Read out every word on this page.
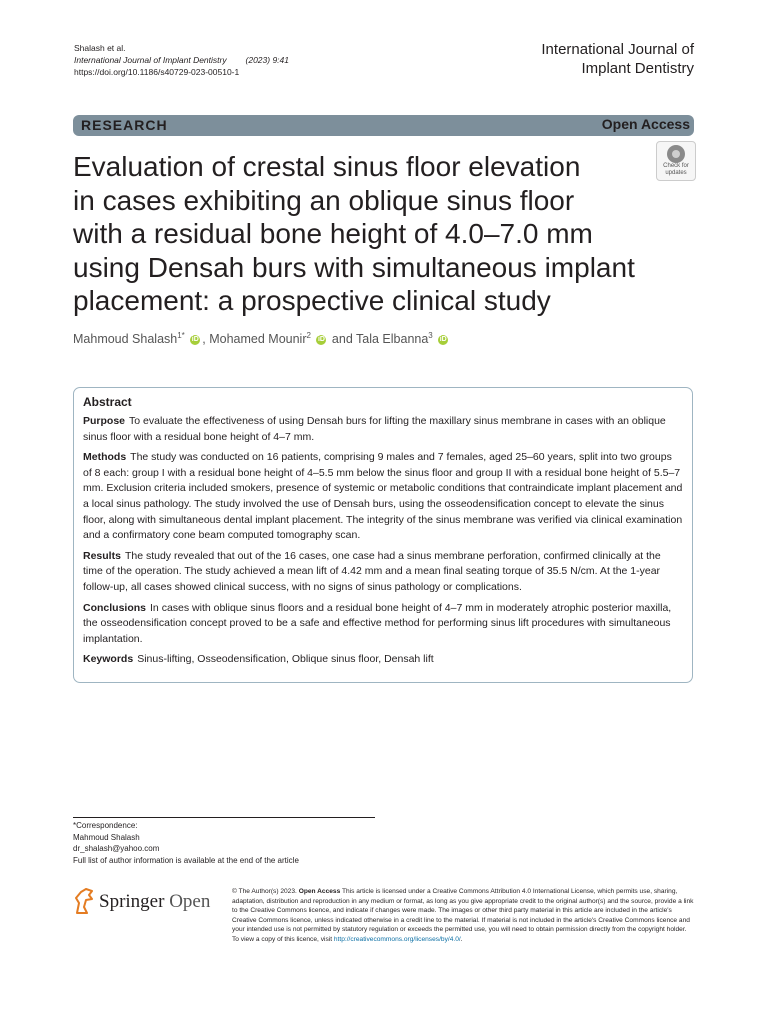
Shalash et al.
International Journal of Implant Dentistry (2023) 9:41
https://doi.org/10.1186/s40729-023-00510-1
International Journal of
Implant Dentistry
RESEARCH	Open Access
Check for
updates
Evaluation of crestal sinus floor elevation
in cases exhibiting an oblique sinus floor
with a residual bone height of 4.0–7.0 mm
using Densah burs with simultaneous implant
placement: a prospective clinical study
Mahmoud Shalash$^{1*}$ iD , Mohamed Mounir$^2$ iD and Tala Elbanna$^3$ iD
Abstract

Purpose To evaluate the effectiveness of using Densah burs for lifting the maxillary sinus membrane in cases with an oblique sinus floor with a residual bone height of 4–7 mm.

Methods The study was conducted on 16 patients, comprising 9 males and 7 females, aged 25–60 years, split into two groups of 8 each: group I with a residual bone height of 4–5.5 mm below the sinus floor and group II with a residual bone height of 5.5–7 mm. Exclusion criteria included smokers, presence of systemic or metabolic conditions that contraindicate implant placement and a local sinus pathology. The study involved the use of Densah burs, using the osseodensification concept to elevate the sinus floor, along with simultaneous dental implant placement. The integrity of the sinus membrane was verified via clinical examination and a confirmatory cone beam computed tomography scan.

Results The study revealed that out of the 16 cases, one case had a sinus membrane perforation, confirmed clinically at the time of the operation. The study achieved a mean lift of 4.42 mm and a mean final seating torque of 35.5 N/cm. At the 1-year follow-up, all cases showed clinical success, with no signs of sinus pathology or complications.

Conclusions In cases with oblique sinus floors and a residual bone height of 4–7 mm in moderately atrophic posterior maxilla, the osseodensification concept proved to be a safe and effective method for performing sinus lift procedures with simultaneous implantation.

Keywords Sinus-lifting, Osseodensification, Oblique sinus floor, Densah lift

*Correspondence:
Mahmoud Shalash
dr_shalash@yahoo.com
Full list of author information is available at the end of the article
Springer Open	© The Author(s) 2023. Open Access This article is licensed under a Creative Commons Attribution 4.0 International License, which permits use, sharing, adaptation, distribution and reproduction in any medium or format, as long as you give appropriate credit to the original author(s) and the source, provide a link to the Creative Commons licence, and indicate if changes were made. The images or other third party material in this article are included in the article's Creative Commons licence, unless indicated otherwise in a credit line to the material. If material is not included in the article's Creative Commons licence and your intended use is not permitted by statutory regulation or exceeds the permitted use, you will need to obtain permission directly from the copyright holder. To view a copy of this licence, visit http://creativecommons.org/licenses/by/4.0/.
